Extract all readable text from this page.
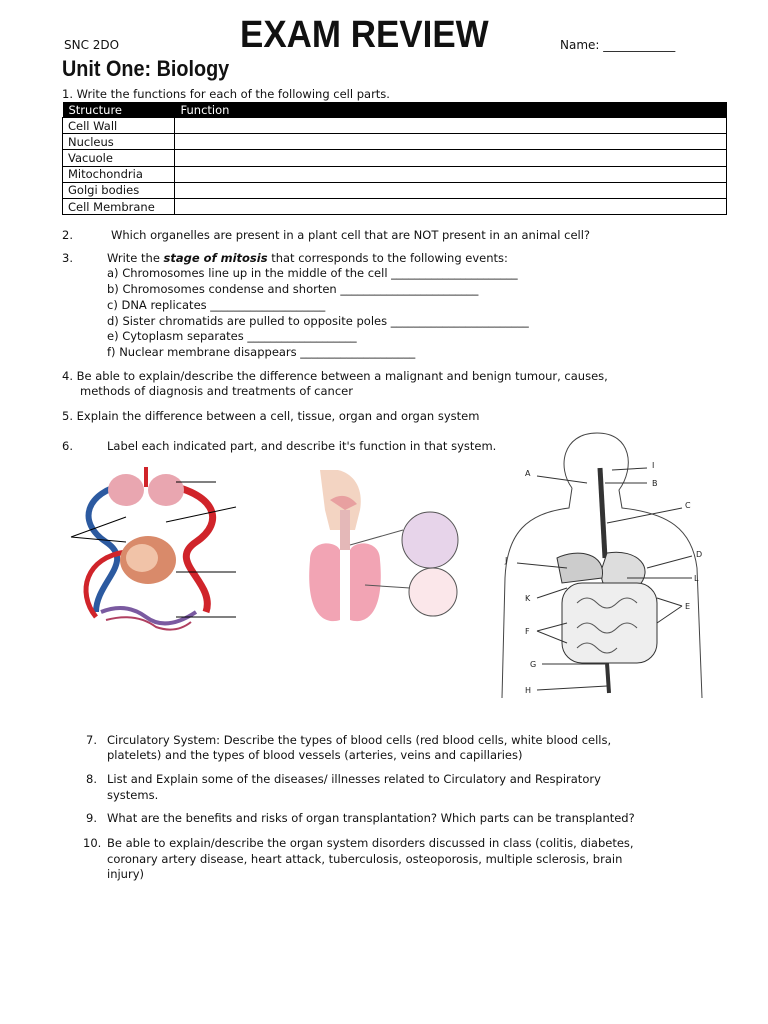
SNC 2DO	EXAM REVIEW	Name: ____________
Unit One: Biology
1. Write the functions for each of the following cell parts.
Structure	Function
Cell Wall	
Nucleus	
Vacuole	
Mitochondria	
Golgi bodies	
Cell Membrane	
2.	Which organelles are present in a plant cell that are NOT present in an animal cell?
3.	Write the stage of mitosis that corresponds to the following events:
a) Chromosomes line up in the middle of the cell ______________________
b) Chromosomes condense and shorten ________________________
c) DNA replicates ____________________
d) Sister chromatids are pulled to opposite poles ________________________
e) Cytoplasm separates ___________________
f) Nuclear membrane disappears ____________________
4. Be able to explain/describe the difference between a malignant and benign tumour, causes,
methods of diagnosis and treatments of cancer
5. Explain the difference between a cell, tissue, organ and organ system
6.	Label each indicated part, and describe it's function in that system.
A
I
B
C
J
D
L
K
E
F
G
H
7. Circulatory System: Describe the types of blood cells (red blood cells, white blood cells,
platelets) and the types of blood vessels (arteries, veins and capillaries)
8. List and Explain some of the diseases/ illnesses related to Circulatory and Respiratory
systems.
9. What are the benefits and risks of organ transplantation? Which parts can be transplanted?
10. Be able to explain/describe the organ system disorders discussed in class (colitis, diabetes,
coronary artery disease, heart attack, tuberculosis, osteoporosis, multiple sclerosis, brain
injury)
